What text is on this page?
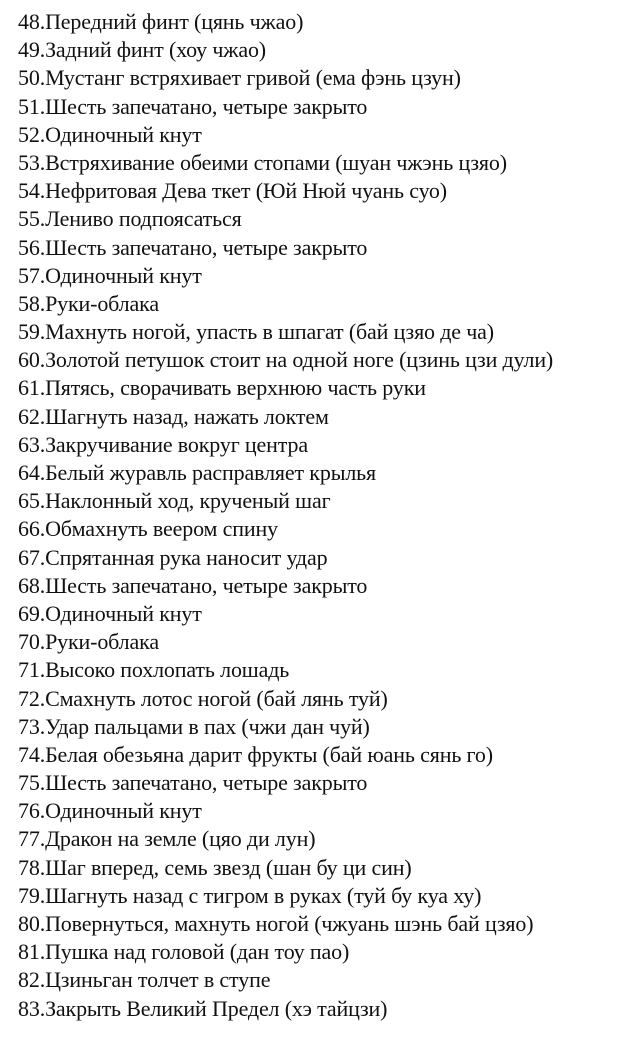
48 . Передний финт (цянь чжао)
49 . Задний финт (хоу чжао)
50 . Мустанг встряхивает гривой (ема фэнь цзун)
51 . Шесть запечатано, четыре закрыто
52 . Одиночный кнут
53 . Встряхивание обеими стопами (шуан чжэнь цзяо)
54 . Нефритовая Дева ткет (Юй Нюй чуань суо)
55 . Лениво подпоясаться
56 . Шесть запечатано, четыре закрыто
57 . Одиночный кнут
58 . Руки-облака
59 . Махнуть ногой, упасть в шпагат (бай цзяо де ча)
60 . Золотой петушок стоит на одной ноге (цзинь цзи дули)
61 . Пятясь, сворачивать верхнюю часть руки
62 . Шагнуть назад, нажать локтем
63 . Закручивание вокруг центра
64 . Белый журавль расправляет крылья
65 . Наклонный ход, крученый шаг
66 . Обмахнуть веером спину
67 . Спрятанная рука наносит удар
68 . Шесть запечатано, четыре закрыто
69 . Одиночный кнут
70 . Руки-облака
71 . Высоко похлопать лошадь
72 . Смахнуть лотос ногой (бай лянь туй)
73 . Удар пальцами в пах (чжи дан чуй)
74 . Белая обезьяна дарит фрукты (бай юань сянь го)
75 . Шесть запечатано, четыре закрыто
76 . Одиночный кнут
77 . Дракон на земле (цяо ди лун)
78 . Шаг вперед, семь звезд (шан бу ци син)
79 . Шагнуть назад с тигром в руках (туй бу куа ху)
80 . Повернуться, махнуть ногой (чжуань шэнь бай цзяо)
81 . Пушка над головой (дан тоу пао)
82 . Цзиньган толчет в ступе
83 . Закрыть Великий Предел (хэ тайцзи)
